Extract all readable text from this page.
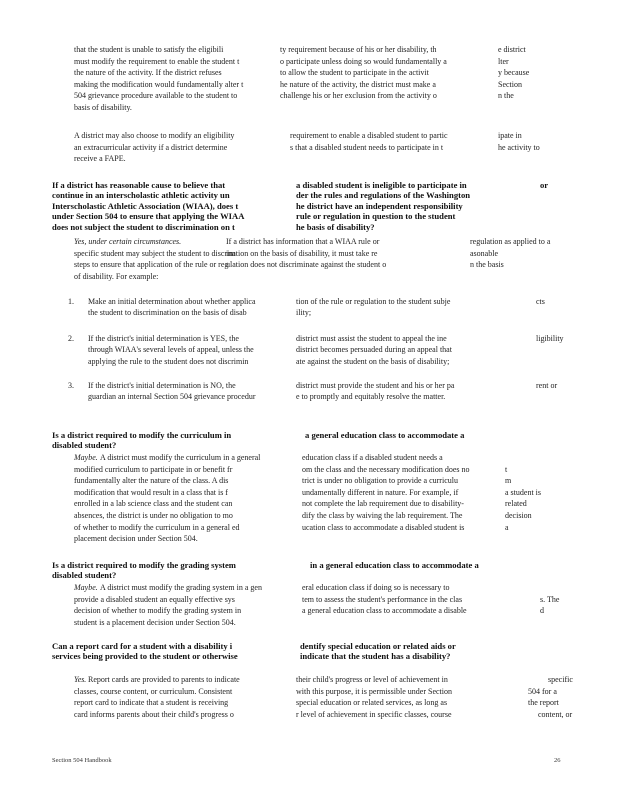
that the student is unable to satisfy the eligibili	ty requirement because of his or her disability, th	e district
must modify the requirement to enable the student t	o participate unless doing so would fundamentally a	lter
the nature of the activity. If the district refuses	to allow the student to participate in the activit	y because
making the modification would fundamentally alter t	he nature of the activity, the district must make a	Section
504 grievance procedure available to the student to	challenge his or her exclusion from the activity o	n the
basis of disability.
A district may also choose to modify an eligibility	requirement to enable a disabled student to partic	ipate in
an extracurricular activity if a district determine	s that a disabled student needs to participate in t	he activity to
receive a FAPE.
If a district has reasonable cause to believe that	a disabled student is ineligible to participate in	or
continue in an interscholastic athletic activity un	der the rules and regulations of the Washington
Interscholastic Athletic Association (WIAA), does t	he district have an independent responsibility
under Section 504 to ensure that applying the WIAA	rule or regulation in question to the student
does not subject the student to discrimination on t	he basis of disability?
Yes, under certain circumstances.	If a district has information that a WIAA rule or	regulation as applied to a
specific student may subject the student to discrim
ination on the basis of disability, it must take re	asonable
steps to ensure that application of the rule or reg
ulation does not discriminate against the student o	n the basis
of disability. For example:
1. Make an initial determination about whether applica	tion of the rule or regulation to the student subje	cts
the student to discrimination on the basis of disab	ility;
2. If the district's initial determination is YES, the	district must assist the student to appeal the ine	ligibility
through WIAA's several levels of appeal, unless the	district becomes persuaded during an appeal that
applying the rule to the student does not discrimin	ate against the student on the basis of disability;
3. If the district's initial determination is NO, the	district must provide the student and his or her pa	rent or
guardian an internal Section 504 grievance procedur	e to promptly and equitably resolve the matter.
Is a district required to modify the curriculum in	a general education class to accommodate a
disabled student?
Maybe. A district must modify the curriculum in a general	education class if a disabled student needs a
modified curriculum to participate in or benefit fr	om the class and the necessary modification does no	t
fundamentally alter the nature of the class. A dis	trict is under no obligation to provide a curriculu	m
modification that would result in a class that is f	undamentally different in nature. For example, if	a student is
enrolled in a lab science class and the student can	not complete the lab requirement due to disability-	related
absences, the district is under no obligation to mo	dify the class by waiving the lab requirement. The	decision
of whether to modify the curriculum in a general ed	ucation class to accommodate a disabled student is	a
placement decision under Section 504.
Is a district required to modify the grading system	in a general education class to accommodate a
disabled student?
Maybe. A district must modify the grading system in a gen	eral education class if doing so is necessary to
provide a disabled student an equally effective sys	tem to assess the student's performance in the clas	s. The
decision of whether to modify the grading system in	a general education class to accommodate a disable	d
student is a placement decision under Section 504.
Can a report card for a student with a disability i	dentify special education or related aids or
services being provided to the student or otherwise	indicate that the student has a disability?
Yes . Report cards are provided to parents to indicate	their child's progress or level of achievement in	specific
classes, course content, or curriculum. Consistent	with this purpose, it is permissible under Section	504 for a
report card to indicate that a student is receiving	special education or related services, as long as	the report
card informs parents about their child's progress o	r level of achievement in specific classes, course	content, or
Section 504 Handbook	26
